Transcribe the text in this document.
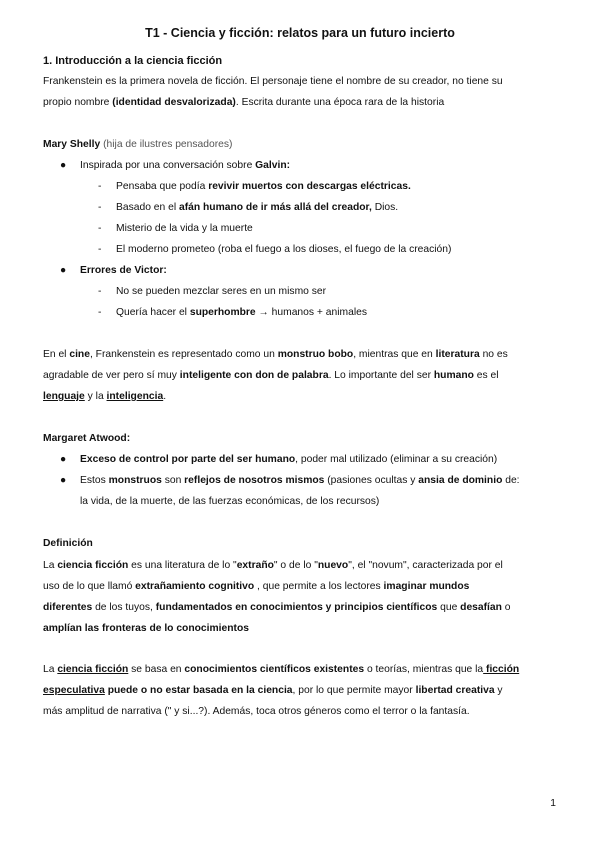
T1 - Ciencia y ficción: relatos para un futuro incierto
1. Introducción a la ciencia ficción
Frankenstein es la primera novela de ficción. El personaje tiene el nombre de su creador, no tiene su
propio nombre (identidad desvalorizada). Escrita durante una época rara de la historia
Mary Shelly (hija de ilustres pensadores)
● Inspirada por una conversación sobre Galvin:
- Pensaba que podía revivir muertos con descargas eléctricas.
- Basado en el afán humano de ir más allá del creador, Dios.
- Misterio de la vida y la muerte
- El moderno prometeo (roba el fuego a los dioses, el fuego de la creación)
● Errores de Victor:
- No se pueden mezclar seres en un mismo ser
- Quería hacer el superhombre → humanos + animales
En el cine, Frankenstein es representado como un monstruo bobo, mientras que en literatura no es
agradable de ver pero sí muy inteligente con don de palabra. Lo importante del ser humano es el
lenguaje y la inteligencia.
Margaret Atwood:
● Exceso de control por parte del ser humano, poder mal utilizado (eliminar a su creación)
● Estos monstruos son reflejos de nosotros mismos (pasiones ocultas y ansia de dominio de:
la vida, de la muerte, de las fuerzas económicas, de los recursos)
Definición
La ciencia ficción es una literatura de lo "extraño" o de lo "nuevo", el "novum", caracterizada por el
uso de lo que llamó extrañamiento cognitivo , que permite a los lectores imaginar mundos
diferentes de los tuyos, fundamentados en conocimientos y principios científicos que desafían o
amplían las fronteras de lo conocimientos
La ciencia ficción se basa en conocimientos científicos existentes o teorías, mientras que la ficción
especulativa puede o no estar basada en la ciencia, por lo que permite mayor libertad creativa y
más amplitud de narrativa (" y si...?). Además, toca otros géneros como el terror o la fantasía.
1
